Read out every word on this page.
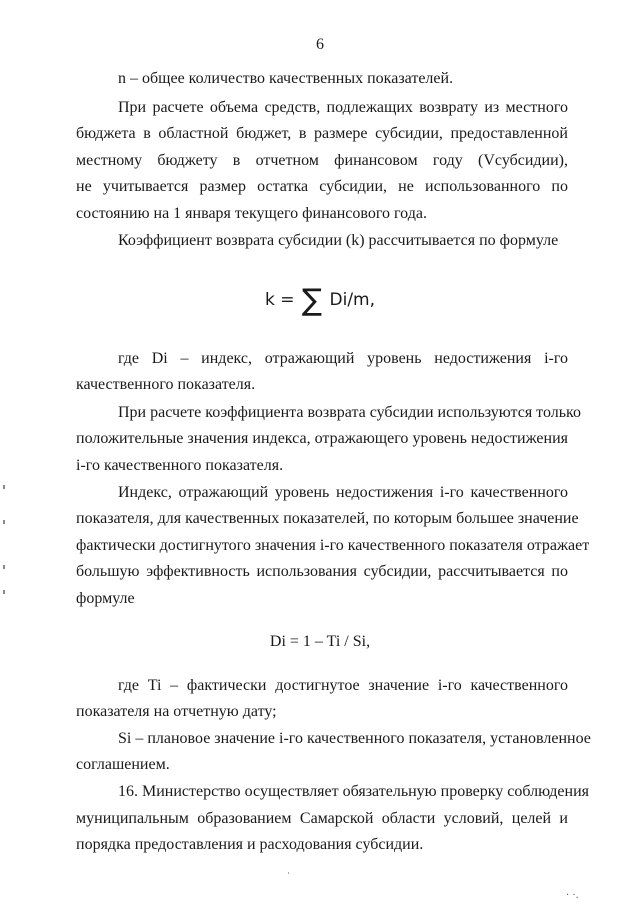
6
n – общее количество качественных показателей.
При расчете объема средств, подлежащих возврату из местного
бюджета в областной бюджет, в размере субсидии, предоставленной
местному бюджету в отчетном финансовом году (Vсубсидии),
не учитывается размер остатка субсидии, не использованного по
состоянию на 1 января текущего финансового года.
Коэффициент возврата субсидии (k) рассчитывается по формуле
k = ∑ Di/m,
где Di – индекс, отражающий уровень недостижения i-го
качественного показателя.
При расчете коэффициента возврата субсидии используются только
положительные значения индекса, отражающего уровень недостижения
i-го качественного показателя.
Индекс, отражающий уровень недостижения i-го качественного
показателя, для качественных показателей, по которым большее значение
фактически достигнутого значения i-го качественного показателя отражает
большую эффективность использования субсидии, рассчитывается по
формуле
Di = 1 – Ti / Si,
где Ti – фактически достигнутое значение i-го качественного
показателя на отчетную дату;
Si – плановое значение i-го качественного показателя, установленное
соглашением.
16. Министерство осуществляет обязательную проверку соблюдения
муниципальным образованием Самарской области условий, целей и
порядка предоставления и расходования субсидии.
˙
· ·.
